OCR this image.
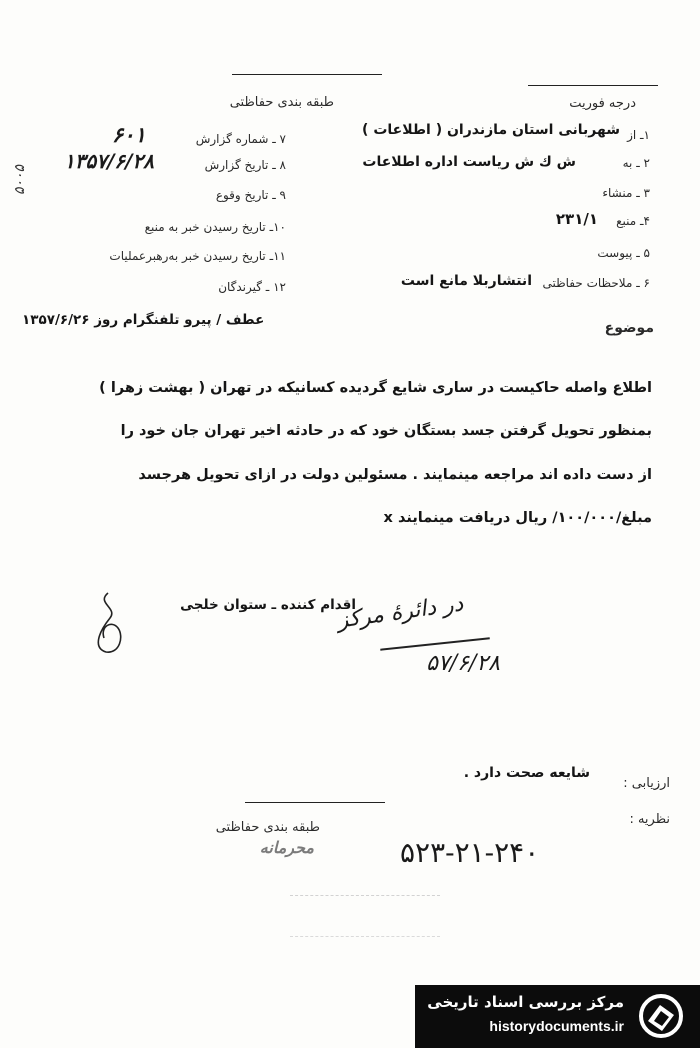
درجه فوریت
طبقه بندی حفاظتی
۱ـ از
شهربانی استان مازندران ( اطلاعات )
۲ ـ به
ش ك ش ریاست اداره اطلاعات
۳ ـ منشاء
۴ـ منبع
۲۳۱/۱
۵ ـ پیوست
۶ ـ ملاحظات حفاظتی
انتشاربلا مانع است
۷ ـ شماره گزارش
۶۰۱
۸ ـ تاریخ گزارش
۱۳۵۷/۶/۲۸
۹ ـ تاریخ وقوع
۱۰ـ تاریخ رسیدن خبر به منبع
۱۱ـ تاریخ رسیدن خبر بەرهبرعملیات
۱۲ ـ گیرندگان
۵۰۰۵
موضوع
عطف / پیرو تلفنگرام روز ۱۳۵۷/۶/۲۶
اطلاع واصله حاکیست در ساری شایع گردیده کسانیکه در تهران ( بهشت زهرا )
بمنظور تحویل گرفتن جسد بستگان خود که در حادثه اخیر تهران جان خود را
از دست داده اند مراجعه مینمایند . مسئولین دولت در ازای تحویل هرجسد
مبلغ/۱۰۰/۰۰۰/ ریال دریافت مینمایند x
اقدام کننده ـ ستوان خلجی
در دائرهٔ مرکز
۵۷/۶/۲۸
ارزیابی :
شایعه صحت دارد .
نظریه :
طبقه بندی حفاظتی
محرمانه	۵۲۳-۲۱-۲۴۰
مرکز بررسی اسناد تاریخی
historydocuments.ir
